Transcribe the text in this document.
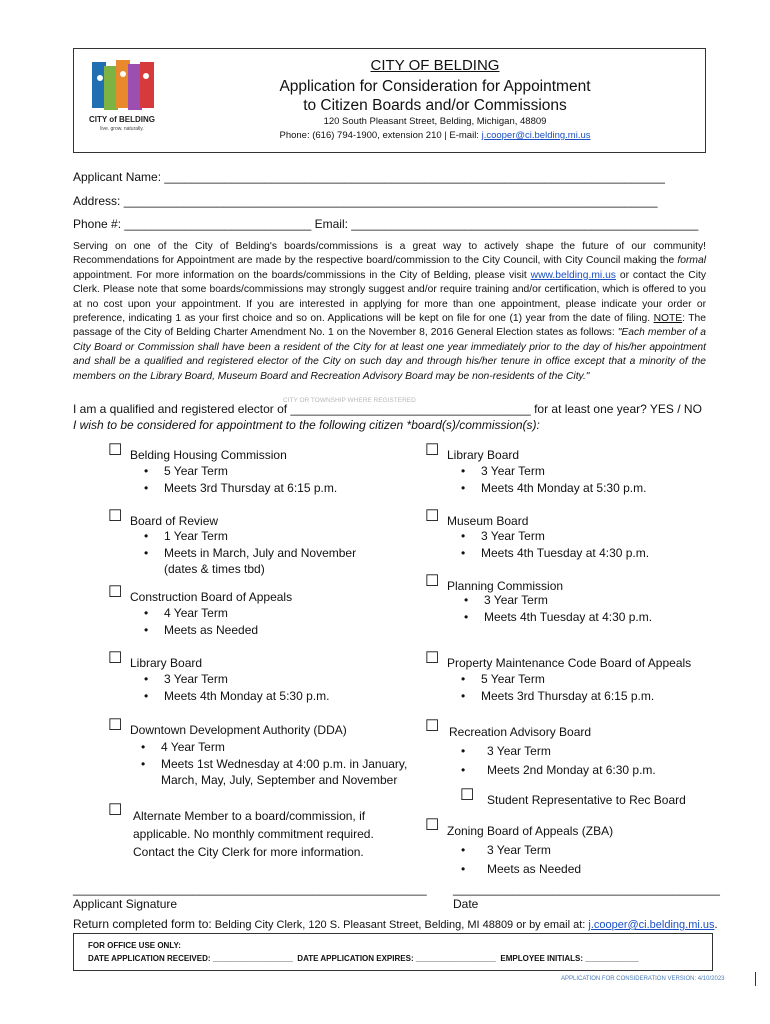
CITY of BELDING
live. grow. naturally.
CITY OF BELDING
Application for Consideration for Appointment
to Citizen Boards and/or Commissions
120 South Pleasant Street, Belding, Michigan, 48809
Phone: (616) 794-1900, extension 210 | E-mail: j.cooper@ci.belding.mi.us
Applicant Name: ___________________________________________________________________________
Address: ________________________________________________________________________________
Phone #: ____________________________ Email: ____________________________________________________
Serving on one of the City of Belding's boards/commissions is a great way to actively shape the future of our community! Recommendations for Appointment are made by the respective board/commission to the City Council, with City Council making the formal appointment. For more information on the boards/commissions in the City of Belding, please visit www.belding.mi.us or contact the City Clerk. Please note that some boards/commissions may strongly suggest and/or require training and/or certification, which is offered to you at no cost upon your appointment. If you are interested in applying for more than one appointment, please indicate your order or preference, indicating 1 as your first choice and so on. Applications will be kept on file for one (1) year from the date of filing. NOTE: The passage of the City of Belding Charter Amendment No. 1 on the November 8, 2016 General Election states as follows: "Each member of a City Board or Commission shall have been a resident of the City for at least one year immediately prior to the day of his/her appointment and shall be a qualified and registered elector of the City on such day and through his/her tenure in office except that a minority of the members on the Library Board, Museum Board and Recreation Advisory Board may be non-residents of the City."
CITY OR TOWNSHIP WHERE REGISTERED
I am a qualified and registered elector of ____________________________________ for at least one year? YES / NO
I wish to be considered for appointment to the following citizen *board(s)/commission(s):
☐ Belding Housing Commission
• 5 Year Term
• Meets 3rd Thursday at 6:15 p.m.
☐ Board of Review
• 1 Year Term
• Meets in March, July and November (dates & times tbd)
☐ Construction Board of Appeals
• 4 Year Term
• Meets as Needed
☐ Library Board
• 3 Year Term
• Meets 4th Monday at 5:30 p.m.
☐ Downtown Development Authority (DDA)
• 4 Year Term
• Meets 1st Wednesday at 4:00 p.m. in January, March, May, July, September and November
☐ Alternate Member to a board/commission, if applicable. No monthly commitment required. Contact the City Clerk for more information.
☐ Library Board
• 3 Year Term
• Meets 4th Monday at 5:30 p.m.
☐ Museum Board
• 3 Year Term
• Meets 4th Tuesday at 4:30 p.m.
☐ Planning Commission
• 3 Year Term
• Meets 4th Tuesday at 4:30 p.m.
☐ Property Maintenance Code Board of Appeals
• 5 Year Term
• Meets 3rd Thursday at 6:15 p.m.
☐ Recreation Advisory Board
• 3 Year Term
• Meets 2nd Monday at 6:30 p.m.
☐ Student Representative to Rec Board
☐ Zoning Board of Appeals (ZBA)
• 3 Year Term
• Meets as Needed
_____________________________________________________
Applicant Signature
________________________________________
Date
Return completed form to: Belding City Clerk, 120 S. Pleasant Street, Belding, MI 48809 or by email at: j.cooper@ci.belding.mi.us.
FOR OFFICE USE ONLY:
DATE APPLICATION RECEIVED: __________________ DATE APPLICATION EXPIRES: __________________ EMPLOYEE INITIALS: ____________
APPLICATION FOR CONSIDERATION VERSION: 4/10/2023
